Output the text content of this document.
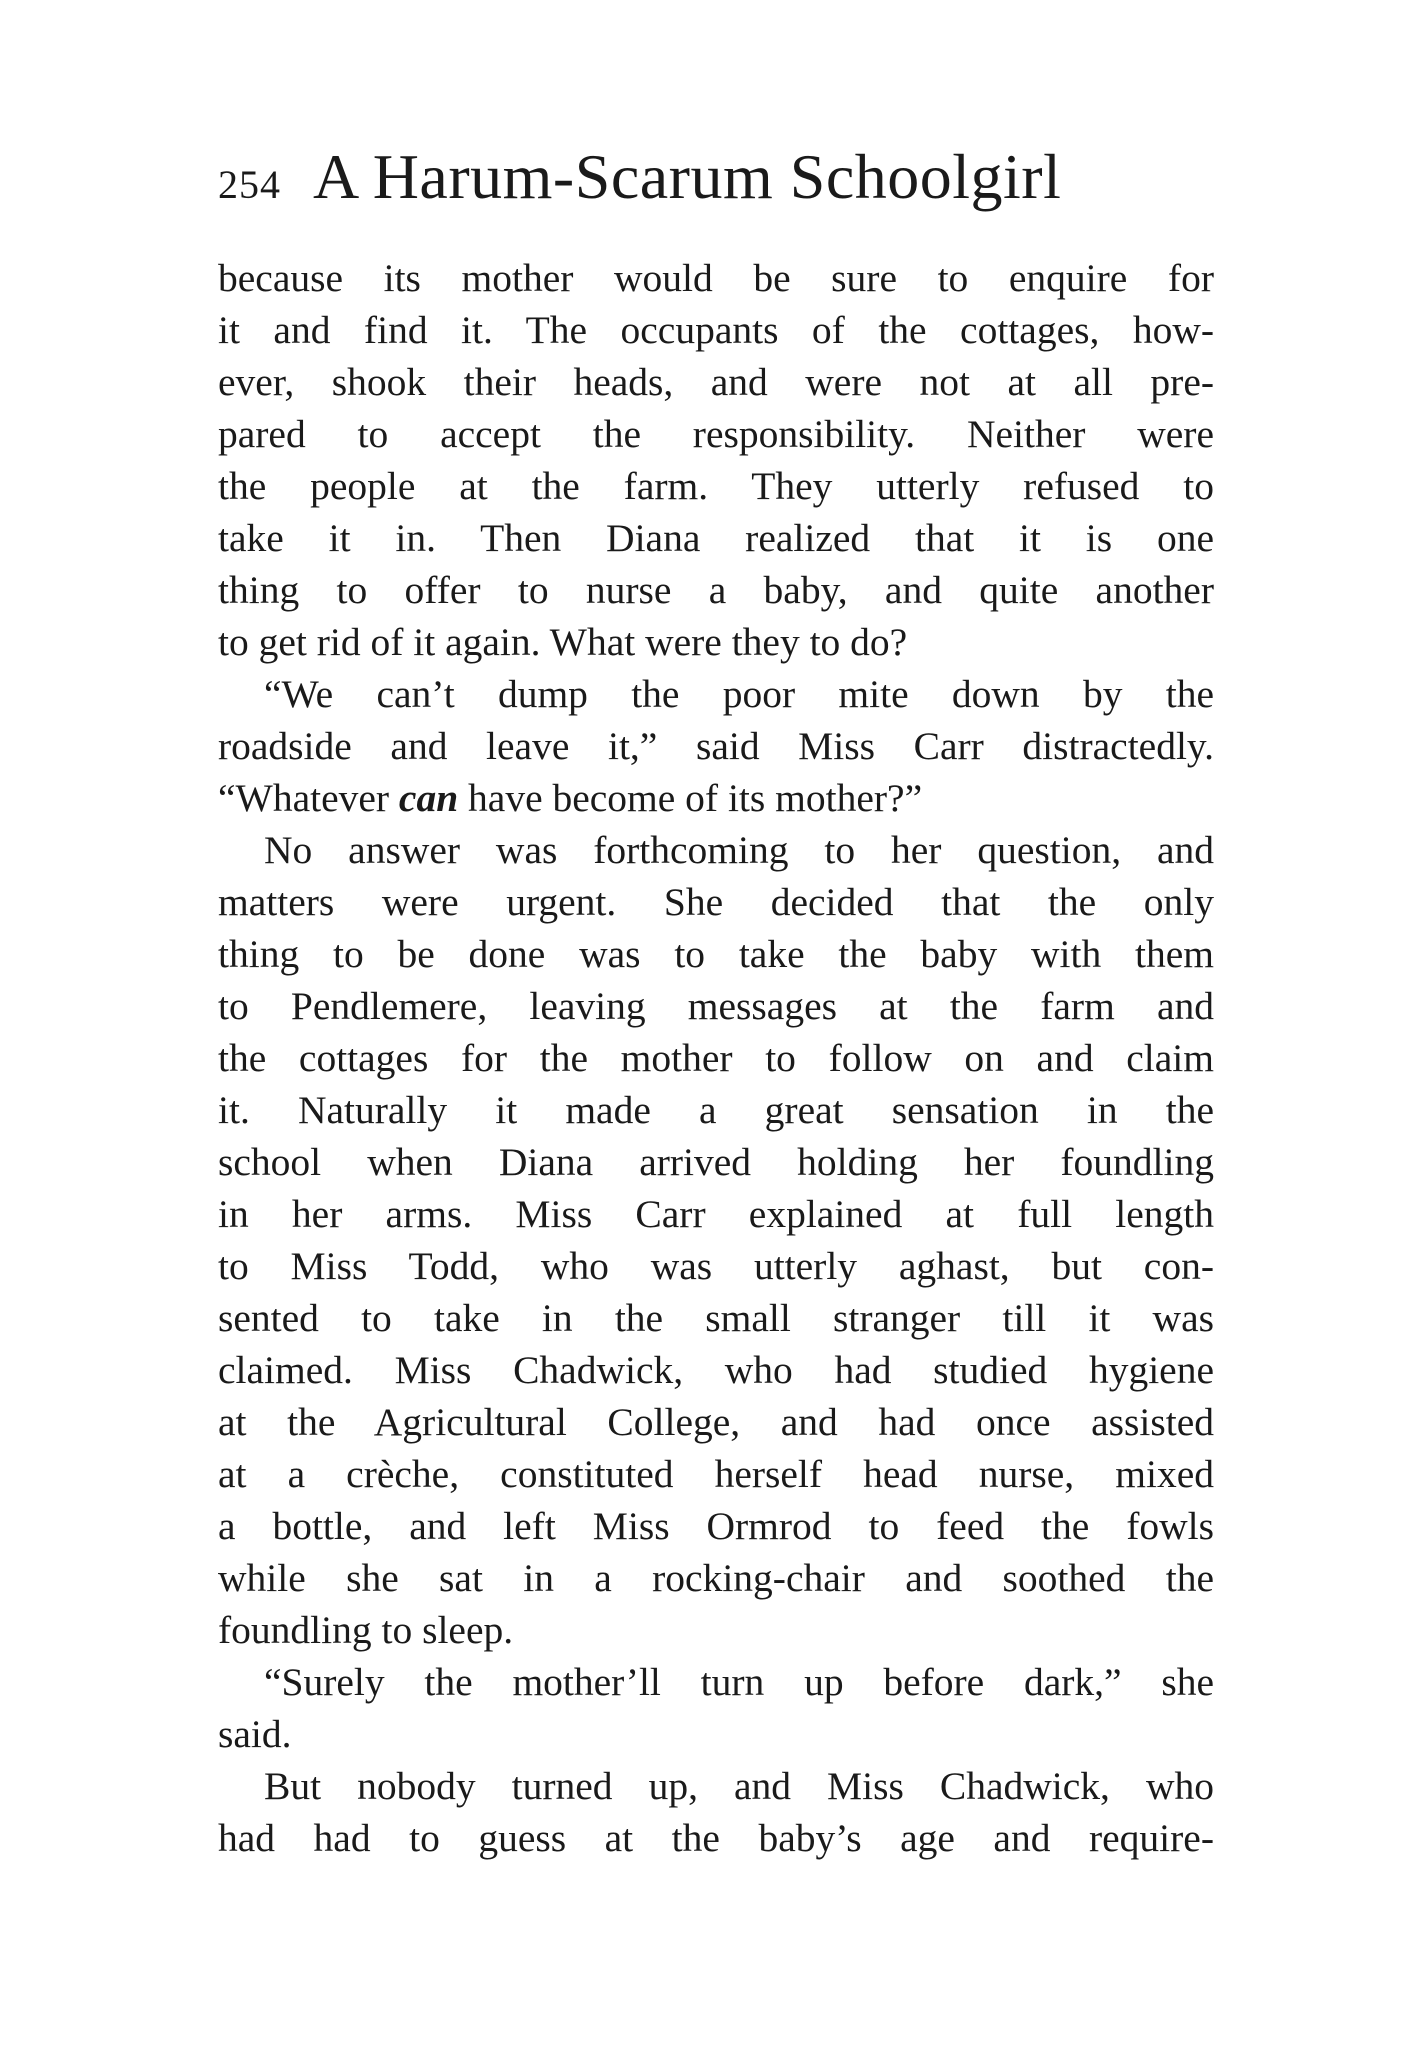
254 A Harum-Scarum Schoolgirl
because its mother would be sure to enquire for
it and find it. The occupants of the cottages, how-
ever, shook their heads, and were not at all pre-
pared to accept the responsibility. Neither were
the people at the farm. They utterly refused to
take it in. Then Diana realized that it is one
thing to offer to nurse a baby, and quite another
to get rid of it again. What were they to do?
“We can’t dump the poor mite down by the
roadside and leave it,” said Miss Carr distractedly.
“Whatever can have become of its mother?”
No answer was forthcoming to her question, and
matters were urgent. She decided that the only
thing to be done was to take the baby with them
to Pendlemere, leaving messages at the farm and
the cottages for the mother to follow on and claim
it. Naturally it made a great sensation in the
school when Diana arrived holding her foundling
in her arms. Miss Carr explained at full length
to Miss Todd, who was utterly aghast, but con-
sented to take in the small stranger till it was
claimed. Miss Chadwick, who had studied hygiene
at the Agricultural College, and had once assisted
at a crèche, constituted herself head nurse, mixed
a bottle, and left Miss Ormrod to feed the fowls
while she sat in a rocking-chair and soothed the
foundling to sleep.
“Surely the mother’ll turn up before dark,” she
said.
But nobody turned up, and Miss Chadwick, who
had had to guess at the baby’s age and require-
